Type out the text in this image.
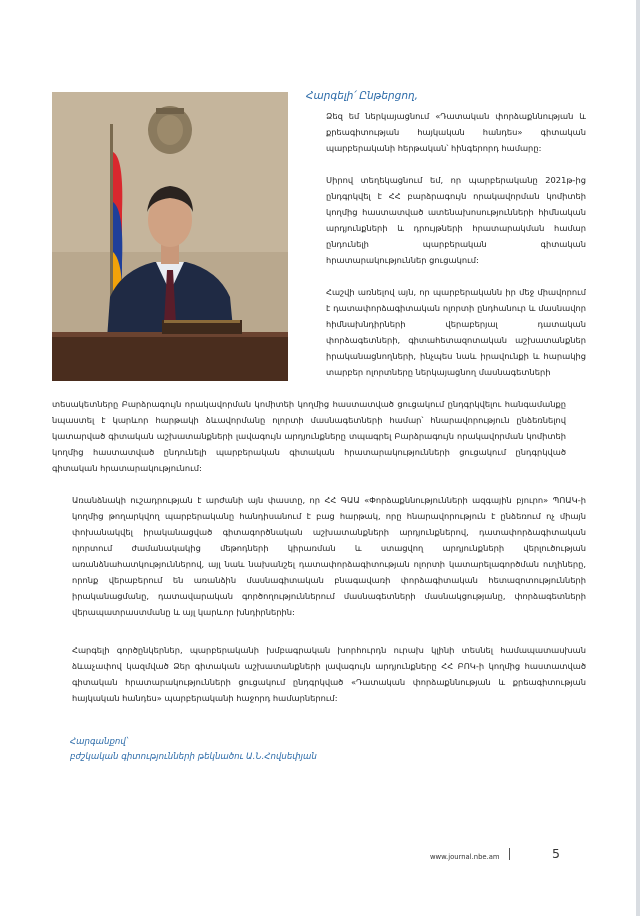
Հարգելի՛ Ընթերցող,

Ձեզ եմ ներկայացնում «Դատական փորձաքննության և քրեագիտության հայկական հանդես» գիտական պարբերականի հերթական՝ հինգերորդ համարը:

Սիրով տեղեկացնում եմ, որ պարբերականը 2021թ-ից ընդգրկվել է ՀՀ բարձրագույն որակավորման կոմիտեի կողմից հաստատված ատենախոսությունների հիմնական արդյունքների և դրույթների հրատարակման համար ընդունելի պարբերական գիտական հրատարակություններ ցուցակում:

Հաշվի առնելով այն, որ պարբերականն իր մեջ միավորում է դատափորձագիտական ոլորտի ընդհանուր և մասնավոր հիմնախնդիրների վերաբերյալ դատական փորձագետների, գիտահետազոտական աշխատանքներ իրականացնողների, ինչպես նաև իրավունքի և հարակից տարբեր ոլորտները ներկայացնող մասնագետների

Առանձնակի ուշադրության է արժանի այն փաստը, որ ՀՀ ԳԱԱ «Փորձաքննությունների ազգային բյուրո» ՊՈԱԿ-ի կողմից թողարկվող պարբերականը հանդիսանում է բաց հարթակ, որը հնարավորություն է ընձեռում ոչ միայն փոխանակվել իրականացված գիտագործնական աշխատանքների արդյունքներով, դատափորձագիտական ոլորտում ժամանակակից մեթոդների կիրառման և ստացվող արդյունքների վերլուծության առանձնահատկություններով, այլ նաև նախանշել դատափորձագիտության ոլորտի կատարելագործման ուղիները, որոնք վերաբերում են առանձին մասնագիտական բնագավառի փորձագիտական հետազոտությունների իրականացմանը, դատավարական գործողություններում մասնագետների մասնակցությանը, փորձագետների վերապատրաստմանը և այլ կարևոր խնդիրներին:

Հարգելի գործընկերներ, պարբերականի խմբագրական խորհուրդն ուրախ կլինի տեսնել համապատասխան ձևաչափով կազմված Ձեր գիտական աշխատանքների լավագույն արդյունքները ՀՀ ԲՈԿ-ի կողմից հաստատված գիտական հրատարակությունների ցուցակում ընդգրկված «Դատական փորձաքննության և քրեագիտության հայկական հանդես» պարբերականի հաջորդ համարներում:

Հարգանքով՝
բժշկական գիտությունների թեկնածու Ա.Ն.Հովսեփյան
www.journal.nbe.am	5

տեսակետները Բարձրագույն որակավորման կոմիտեի կողմից հաստատված ցուցակում ընդգրկվելու հանգամանքը նպաստել է կարևոր հարթակի ձևավորմանը ոլորտի մասնագետների համար՝ հնարավորություն ընձեռնելով կատարված գիտական աշխատանքների լավագույն արդյունքները տպագրել Բարձրագույն որակավորման կոմիտեի կողմից հաստատված ընդունելի պարբերական գիտական հրատարակությունների ցուցակում ընդգրկված գիտական հրատարակությունում:
